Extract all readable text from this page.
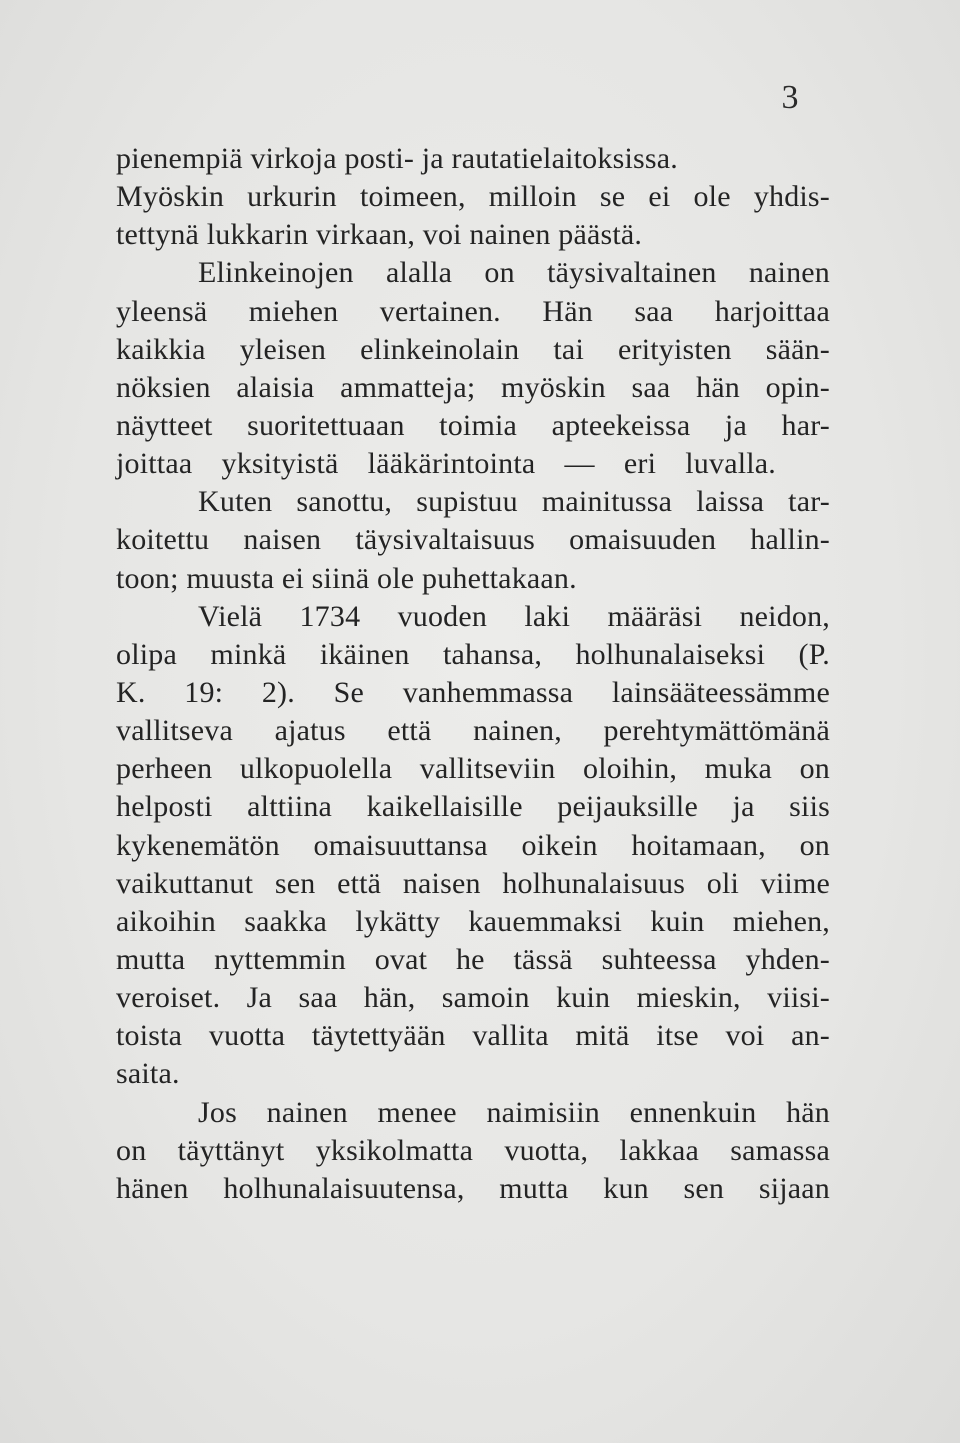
3
pienempiä virkoja posti- ja rautatielaitoksissa.
Myöskin urkurin toimeen, milloin se ei ole yhdis-
tettynä lukkarin virkaan, voi nainen päästä.
Elinkeinojen alalla on täysivaltainen nainen
yleensä miehen vertainen. Hän saa harjoittaa
kaikkia yleisen elinkeinolain tai erityisten sään-
nöksien alaisia ammatteja; myöskin saa hän opin-
näytteet suoritettuaan toimia apteekeissa ja har-
joittaa yksityistä lääkärintointa — eri luvalla.
Kuten sanottu, supistuu mainitussa laissa tar-
koitettu naisen täysivaltaisuus omaisuuden hallin-
toon; muusta ei siinä ole puhettakaan.
Vielä 1734 vuoden laki määräsi neidon,
olipa minkä ikäinen tahansa, holhunalaiseksi (P.
K. 19: 2). Se vanhemmassa lainsääteessämme
vallitseva ajatus että nainen, perehtymättömänä
perheen ulkopuolella vallitseviin oloihin, muka on
helposti alttiina kaikellaisille peijauksille ja siis
kykenemätön omaisuuttansa oikein hoitamaan, on
vaikuttanut sen että naisen holhunalaisuus oli viime
aikoihin saakka lykätty kauemmaksi kuin miehen,
mutta nyttemmin ovat he tässä suhteessa yhden-
veroiset. Ja saa hän, samoin kuin mieskin, viisi-
toista vuotta täytettyään vallita mitä itse voi an-
saita.
Jos nainen menee naimisiin ennenkuin hän
on täyttänyt yksikolmatta vuotta, lakkaa samassa
hänen holhunalaisuutensa, mutta kun sen sijaan
